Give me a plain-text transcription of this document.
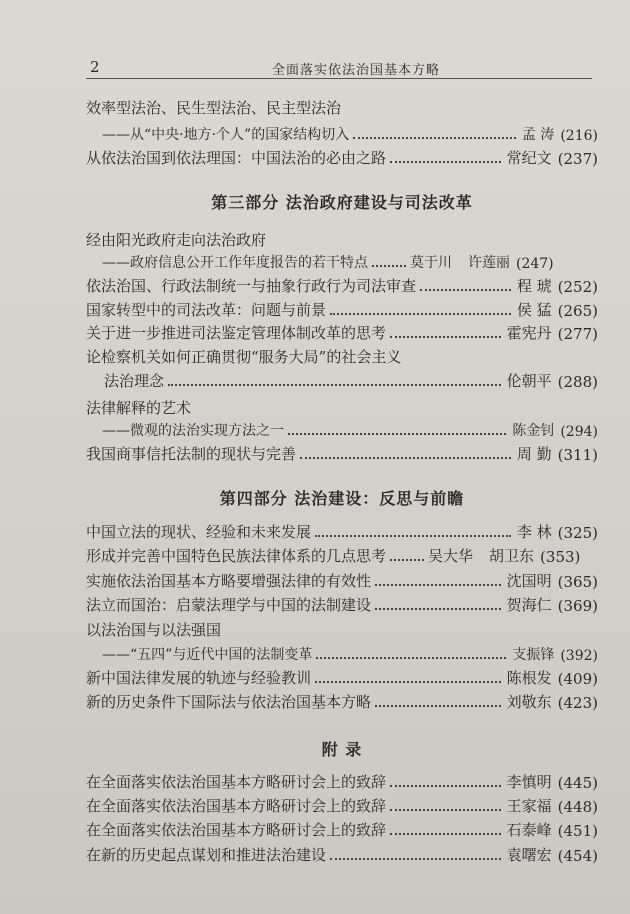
2	全面落实依法治国基本方略
效率型法治、民生型法治、民主型法治
——从“中央·地方·个人”的国家结构切入	孟 涛 (216)
从依法治国到依法理国：中国法治的必由之路	常纪文 (237)
第三部分 法治政府建设与司法改革
经由阳光政府走向法治政府
——政府信息公开工作年度报告的若干特点	莫于川 许莲丽 (247)
依法治国、行政法制统一与抽象行政行为司法审查	程 琥 (252)
国家转型中的司法改革：问题与前景	侯 猛 (265)
关于进一步推进司法鉴定管理体制改革的思考	霍宪丹 (277)
论检察机关如何正确贯彻“服务大局”的社会主义
法治理念	伦朝平 (288)
法律解释的艺术
——微观的法治实现方法之一	陈金钊 (294)
我国商事信托法制的现状与完善	周 勤 (311)
第四部分 法治建设：反思与前瞻
中国立法的现状、经验和未来发展	李 林 (325)
形成并完善中国特色民族法律体系的几点思考	吴大华 胡卫东 (353)
实施依法治国基本方略要增强法律的有效性	沈国明 (365)
法立而国治：启蒙法理学与中国的法制建设	贺海仁 (369)
以法治国与以法强国
——“五四”与近代中国的法制变革	支振锋 (392)
新中国法律发展的轨迹与经验教训	陈根发 (409)
新的历史条件下国际法与依法治国基本方略	刘敬东 (423)
附 录
在全面落实依法治国基本方略研讨会上的致辞	李慎明 (445)
在全面落实依法治国基本方略研讨会上的致辞	王家福 (448)
在全面落实依法治国基本方略研讨会上的致辞	石泰峰 (451)
在新的历史起点谋划和推进法治建设	袁曙宏 (454)
